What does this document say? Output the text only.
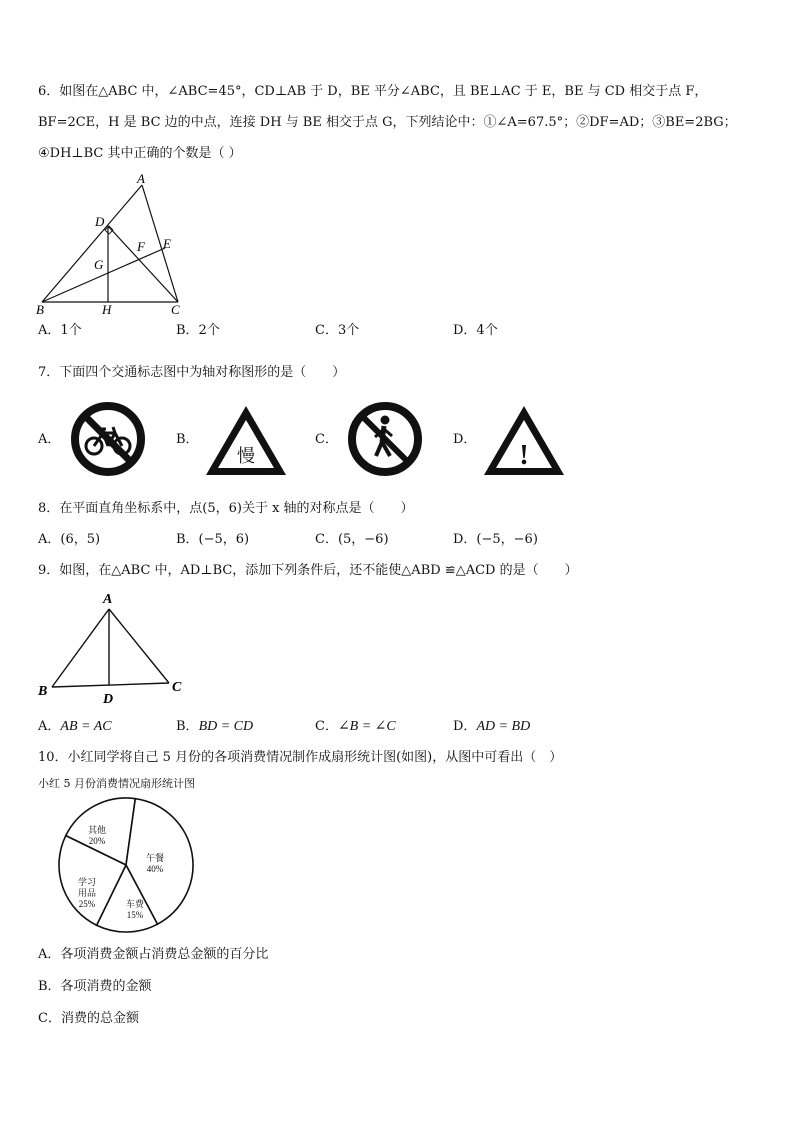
6．如图在△ABC 中，∠ABC=45°，CD⊥AB 于 D，BE 平分∠ABC，且 BE⊥AC 于 E，BE 与 CD 相交于点 F，
BF=2CE，H 是 BC 边的中点，连接 DH 与 BE 相交于点 G，下列结论中：①∠A=67.5°；②DF=AD；③BE=2BG；
④DH⊥BC 其中正确的个数是（ ）
A
D
E
F
G
B	H	C
A．1个	B．2个	C．3个	D．4个
7．下面四个交通标志图中为轴对称图形的是（　　）
A．	B．
慢
C．	D．
!
8．在平面直角坐标系中，点(5，6)关于 x 轴的对称点是（　　）
A．(6，5)	B．(−5，6)	C．(5，−6)	D．(−5，−6)
9．如图，在△ABC 中，AD⊥BC，添加下列条件后，还不能使△ABD ≌△ACD 的是（　　）
A
B
D
C
A．AB = AC	B．BD = CD	C．∠B = ∠C	D．AD = BD
10．小红同学将自己 5 月份的各项消费情况制作成扇形统计图(如图)，从图中可看出（　）
小红 5 月份消费情况扇形统计图
其他
20%
午餐
40%
车费
15%
学习
用品
25%
A．各项消费金额占消费总金额的百分比
B．各项消费的金额
C．消费的总金额
